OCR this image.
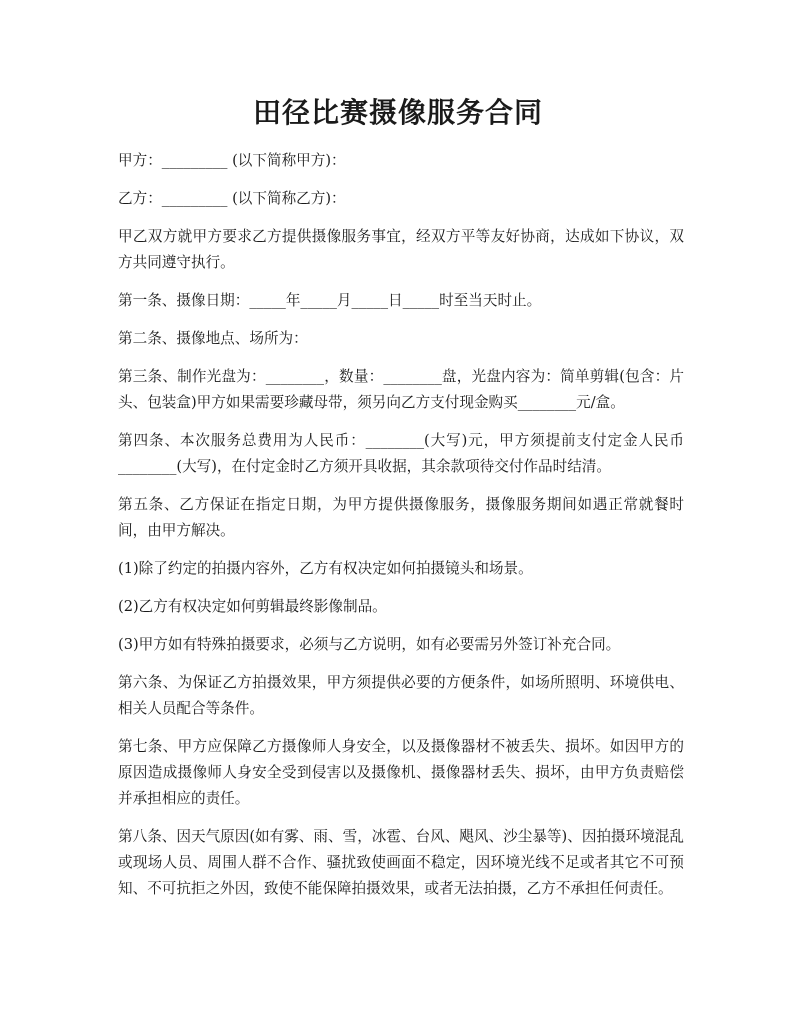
田径比赛摄像服务合同

甲方：_________ (以下简称甲方)：

乙方：_________ (以下简称乙方)：

甲乙双方就甲方要求乙方提供摄像服务事宜，经双方平等友好协商，达成如下协议，双方共同遵守执行。

第一条、摄像日期：_____年_____月_____日_____时至当天时止。

第二条、摄像地点、场所为：

第三条、制作光盘为：________，数量：________盘，光盘内容为：简单剪辑(包含：片头、包装盒)甲方如果需要珍藏母带，须另向乙方支付现金购买________元/盒。

第四条、本次服务总费用为人民币：________(大写)元，甲方须提前支付定金人民币________(大写)，在付定金时乙方须开具收据，其余款项待交付作品时结清。

第五条、乙方保证在指定日期，为甲方提供摄像服务，摄像服务期间如遇正常就餐时间，由甲方解决。

(1)除了约定的拍摄内容外，乙方有权决定如何拍摄镜头和场景。

(2)乙方有权决定如何剪辑最终影像制品。

(3)甲方如有特殊拍摄要求，必须与乙方说明，如有必要需另外签订补充合同。

第六条、为保证乙方拍摄效果，甲方须提供必要的方便条件，如场所照明、环境供电、相关人员配合等条件。

第七条、甲方应保障乙方摄像师人身安全，以及摄像器材不被丢失、损坏。如因甲方的原因造成摄像师人身安全受到侵害以及摄像机、摄像器材丢失、损坏，由甲方负责赔偿并承担相应的责任。

第八条、因天气原因(如有雾、雨、雪，冰雹、台风、飓风、沙尘暴等)、因拍摄环境混乱或现场人员、周围人群不合作、骚扰致使画面不稳定，因环境光线不足或者其它不可预知、不可抗拒之外因，致使不能保障拍摄效果，或者无法拍摄，乙方不承担任何责任。
